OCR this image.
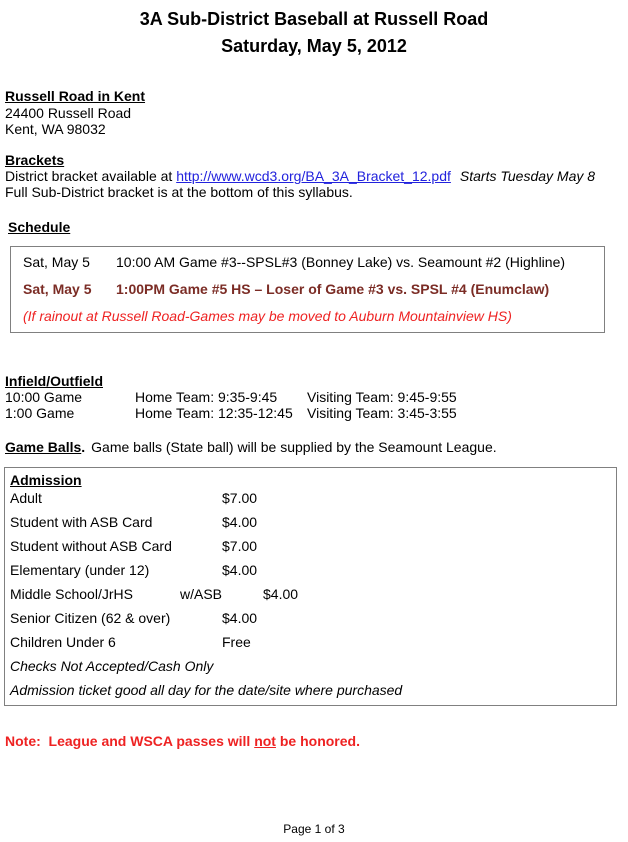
3A Sub-District Baseball at Russell Road
Saturday, May 5, 2012
Russell Road in Kent
24400 Russell Road
Kent, WA 98032
Brackets
District bracket available at http://www.wcd3.org/BA_3A_Bracket_12.pdf Starts Tuesday May 8
Full Sub-District bracket is at the bottom of this syllabus.
Schedule
Sat, May 5	10:00 AM Game #3--SPSL#3 (Bonney Lake) vs. Seamount #2 (Highline)
Sat, May 5	1:00PM Game #5 HS – Loser of Game #3 vs. SPSL #4 (Enumclaw)
(If rainout at Russell Road-Games may be moved to Auburn Mountainview HS)
Infield/Outfield
10:00 Game	Home Team: 9:35-9:45	Visiting Team: 9:45-9:55
1:00 Game	Home Team: 12:35-12:45	Visiting Team: 3:45-3:55
Game Balls. Game balls (State ball) will be supplied by the Seamount League.
Admission
Adult	$7.00
Student with ASB Card	$4.00
Student without ASB Card	$7.00
Elementary (under 12)	$4.00
Middle School/JrHS	w/ASB	$4.00
Senior Citizen (62 & over)	$4.00
Children Under 6	Free
Checks Not Accepted/Cash Only
Admission ticket good all day for the date/site where purchased
Note:  League and WSCA passes will not be honored.
Page 1 of 3
